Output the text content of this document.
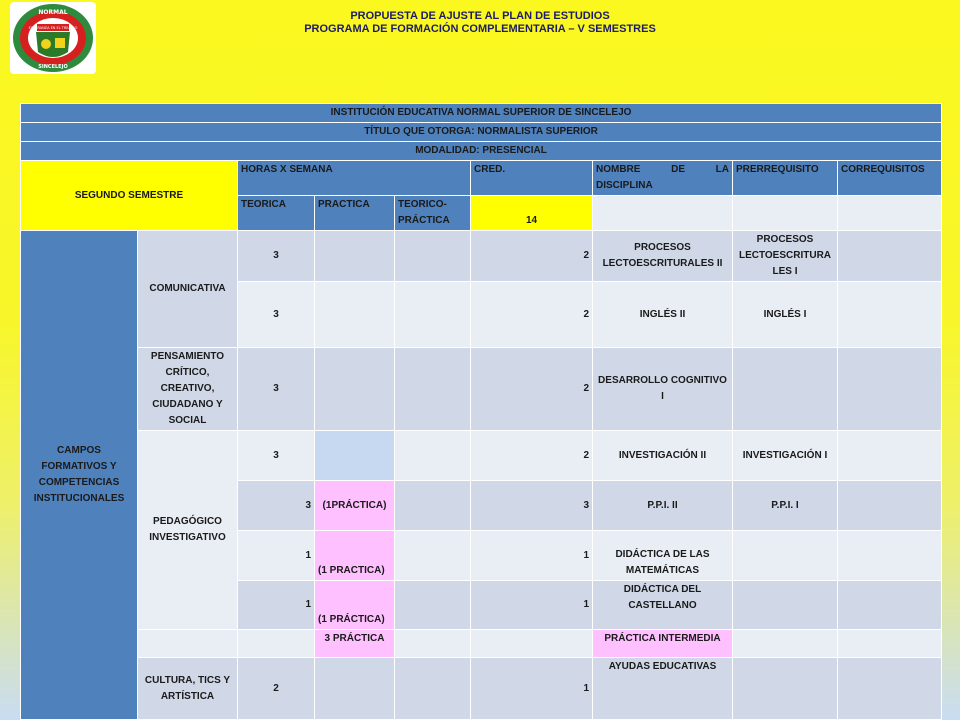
NORMAL
ESPERANZA EN EL TRIUNFO
SINCELEJO
PROPUESTA DE AJUSTE AL PLAN DE ESTUDIOS
PROGRAMA DE FORMACIÓN COMPLEMENTARIA – V SEMESTRES
INSTITUCIÓN EDUCATIVA NORMAL SUPERIOR DE SINCELEJO								
TÍTULO QUE OTORGA: NORMALISTA SUPERIOR								
MODALIDAD: PRESENCIAL								
SEGUNDO SEMESTRE		HORAS X SEMANA			CRED.	NOMBRE DE LA DISCIPLINA	PRERREQUISITO	CORREQUISITOS
		TEORICA	PRACTICA	TEORICO-PRÁCTICA	14			
CAMPOS FORMATIVOS Y COMPETENCIAS INSTITUCIONALES	COMUNICATIVA	3			2	PROCESOS LECTOESCRITURALES II	PROCESOS LECTOESCRITURA LES I	
		3			2	INGLÉS II	INGLÉS I	
	PENSAMIENTO CRÍTICO, CREATIVO, CIUDADANO Y SOCIAL	3			2	DESARROLLO COGNITIVO I		
	PEDAGÓGICO INVESTIGATIVO	3			2	INVESTIGACIÓN II	INVESTIGACIÓN I	
		3	(1PRÁCTICA)		3	P.P.I. II	P.P.I. I	
		1	(1 PRACTICA)		1	DIDÁCTICA DE LAS MATEMÁTICAS		
		1	(1 PRÁCTICA)		1	DIDÁCTICA DEL CASTELLANO		
			3 PRÁCTICA			PRÁCTICA INTERMEDIA		
	CULTURA, TICS Y ARTÍSTICA	2			1	AYUDAS EDUCATIVAS		
